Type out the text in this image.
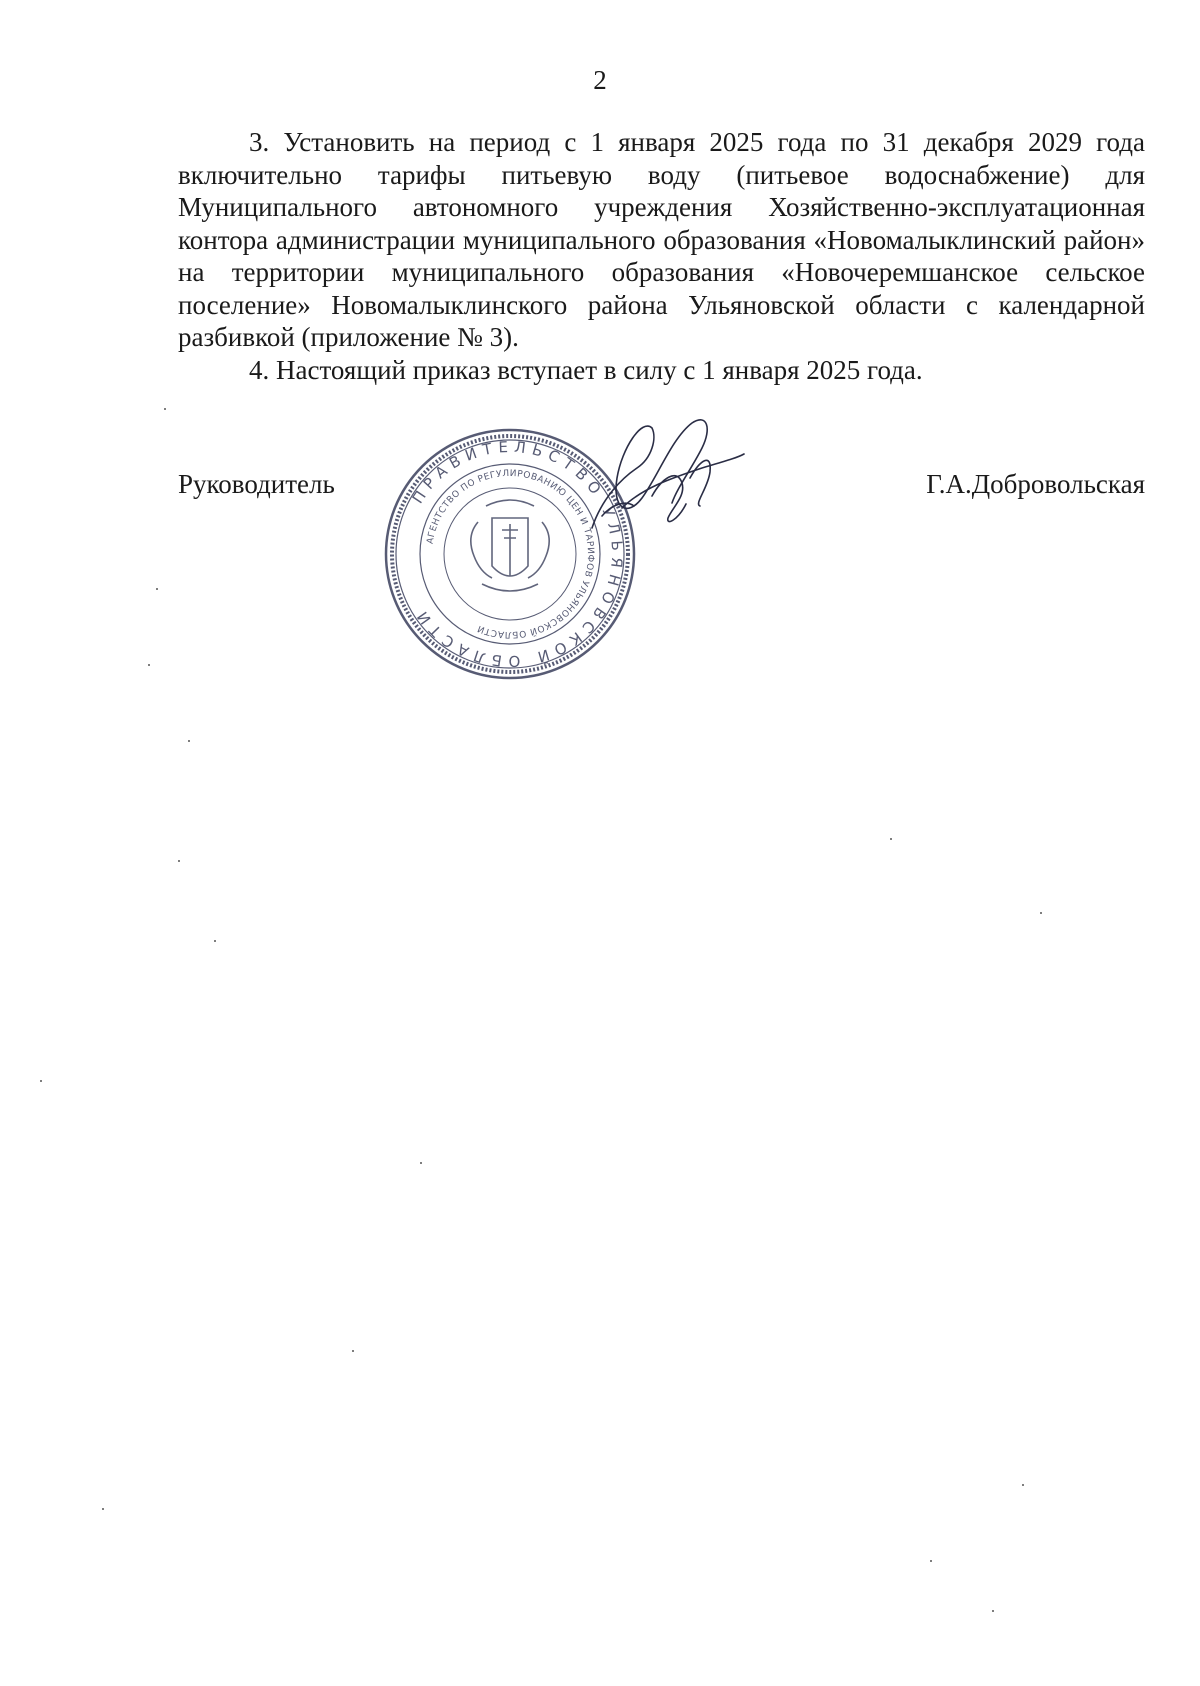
2

3. Установить на период с 1 января 2025 года по 31 декабря 2029 года включительно тарифы питьевую воду (питьевое водоснабжение) для Муниципального автономного учреждения Хозяйственно-эксплуатационная контора администрации муниципального образования «Новомалыклинский район» на территории муниципального образования «Новочеремшанское сельское поселение» Новомалыклинского района Ульяновской области с календарной разбивкой (приложение № 3).

4. Настоящий приказ вступает в силу с 1 января 2025 года.

Руководитель	Г.А.Добровольская
ПРАВИТЕЛЬСТВО УЛЬЯНОВСКОЙ ОБЛАСТИ
АГЕНТСТВО ПО РЕГУЛИРОВАНИЮ ЦЕН И ТАРИФОВ УЛЬЯНОВСКОЙ ОБЛАСТИ
